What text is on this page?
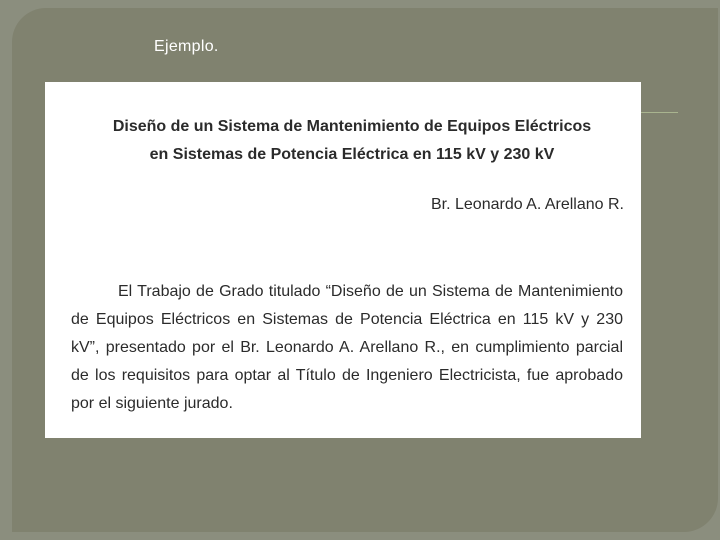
Ejemplo.
Diseño de un Sistema de Mantenimiento de Equipos Eléctricos
en Sistemas de Potencia Eléctrica en 115 kV y 230 kV
Br. Leonardo A. Arellano R.
El Trabajo de Grado titulado “Diseño de un Sistema de Mantenimiento
de Equipos Eléctricos en Sistemas de Potencia Eléctrica en 115 kV y 230
kV”, presentado por el Br. Leonardo A. Arellano R., en cumplimiento parcial
de los requisitos para optar al Título de Ingeniero Electricista, fue aprobado
por el siguiente jurado.
